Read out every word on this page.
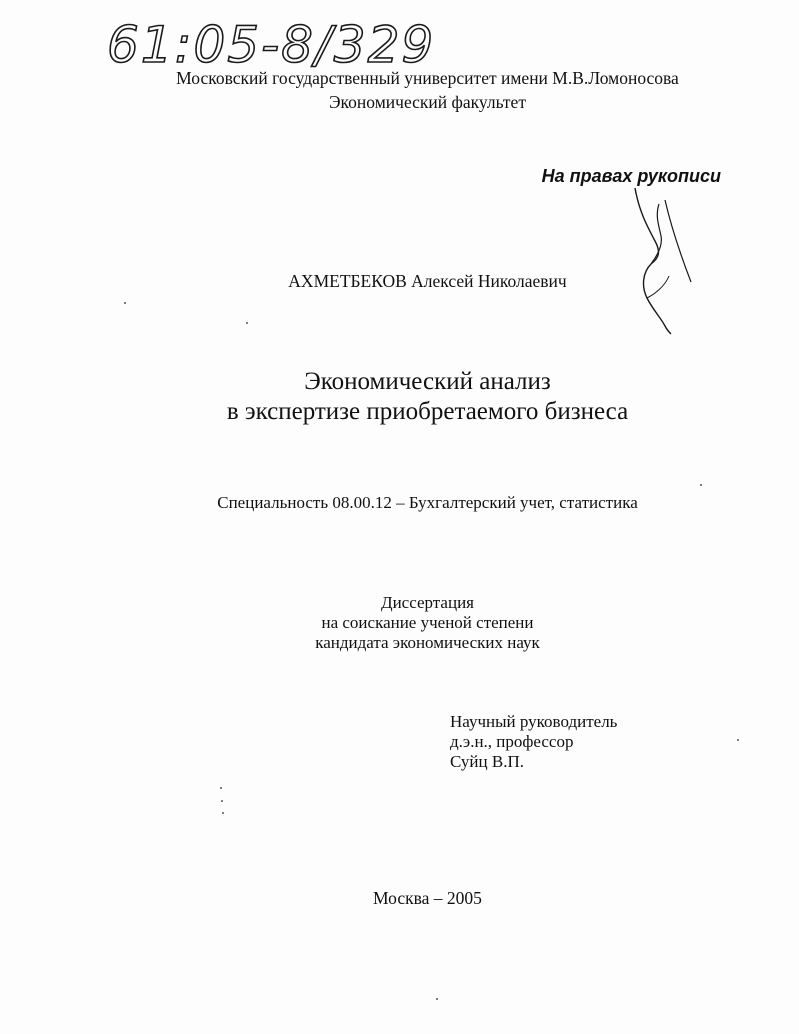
61:05-8/3297
Московский государственный университет имени М.В.Ломоносова
Экономический факультет
На правах рукописи
АХМЕТБЕКОВ Алексей Николаевич
Экономический анализ
в экспертизе приобретаемого бизнеса
Специальность 08.00.12 – Бухгалтерский учет, статистика
Диссертация
на соискание ученой степени
кандидата экономических наук
Научный руководитель
д.э.н., профессор
Суйц В.П.
Москва – 2005
